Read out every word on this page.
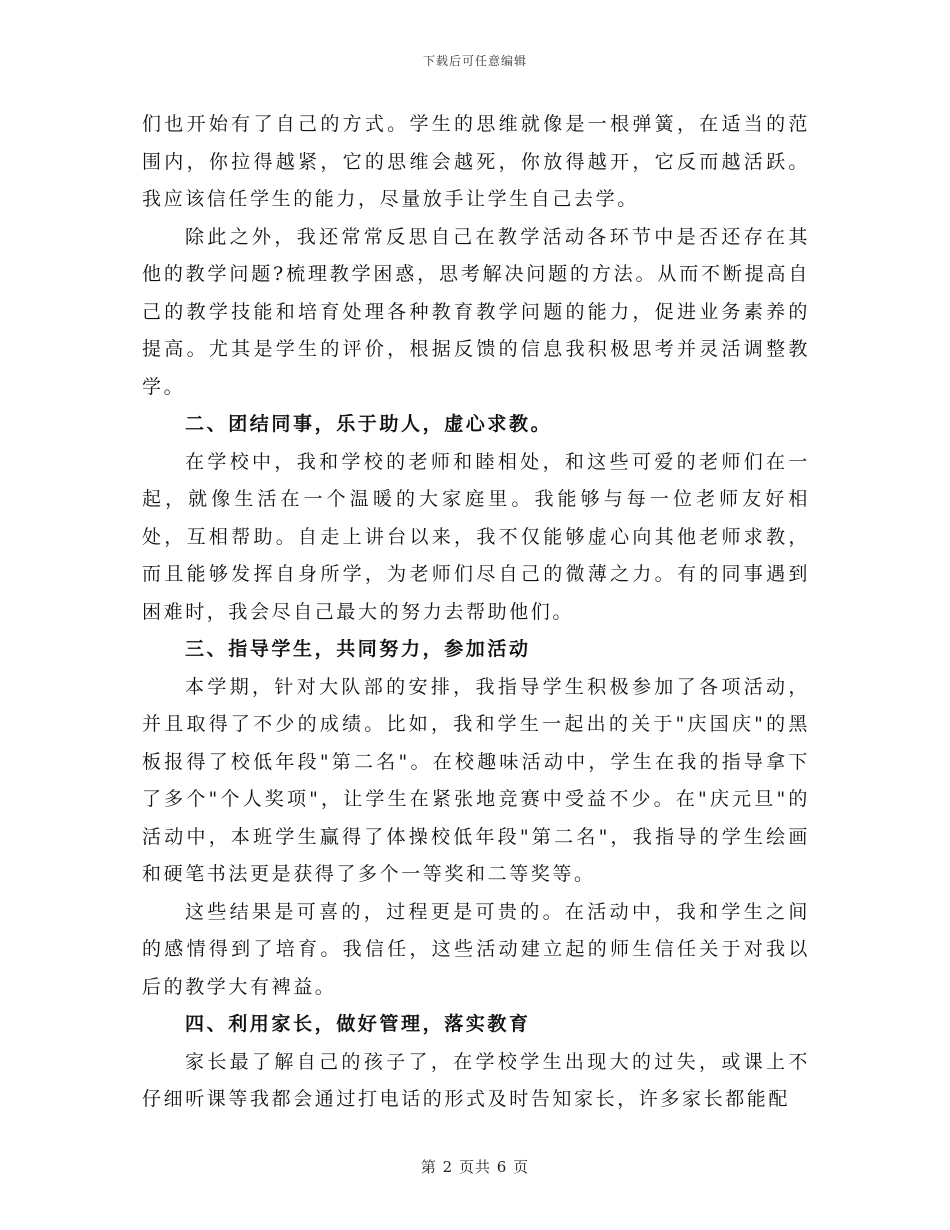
下载后可任意编辑

们也开始有了自己的方式。学生的思维就像是一根弹簧，在适当的范围内，你拉得越紧，它的思维会越死，你放得越开，它反而越活跃。我应该信任学生的能力，尽量放手让学生自己去学。

除此之外，我还常常反思自己在教学活动各环节中是否还存在其他的教学问题?梳理教学困惑，思考解决问题的方法。从而不断提高自己的教学技能和培育处理各种教育教学问题的能力，促进业务素养的提高。尤其是学生的评价，根据反馈的信息我积极思考并灵活调整教学。

二、团结同事，乐于助人，虚心求教。

在学校中，我和学校的老师和睦相处，和这些可爱的老师们在一起，就像生活在一个温暖的大家庭里。我能够与每一位老师友好相处，互相帮助。自走上讲台以来，我不仅能够虚心向其他老师求教，而且能够发挥自身所学，为老师们尽自己的微薄之力。有的同事遇到困难时，我会尽自己最大的努力去帮助他们。

三、指导学生，共同努力，参加活动

本学期，针对大队部的安排，我指导学生积极参加了各项活动，并且取得了不少的成绩。比如，我和学生一起出的关于"庆国庆"的黑板报得了校低年段"第二名"。在校趣味活动中，学生在我的指导拿下了多个"个人奖项"，让学生在紧张地竞赛中受益不少。在"庆元旦"的活动中，本班学生赢得了体操校低年段"第二名"，我指导的学生绘画和硬笔书法更是获得了多个一等奖和二等奖等。

这些结果是可喜的，过程更是可贵的。在活动中，我和学生之间的感情得到了培育。我信任，这些活动建立起的师生信任关于对我以后的教学大有裨益。

四、利用家长，做好管理，落实教育

家长最了解自己的孩子了，在学校学生出现大的过失，或课上不仔细听课等我都会通过打电话的形式及时告知家长，许多家长都能配

第 2 页共 6 页
